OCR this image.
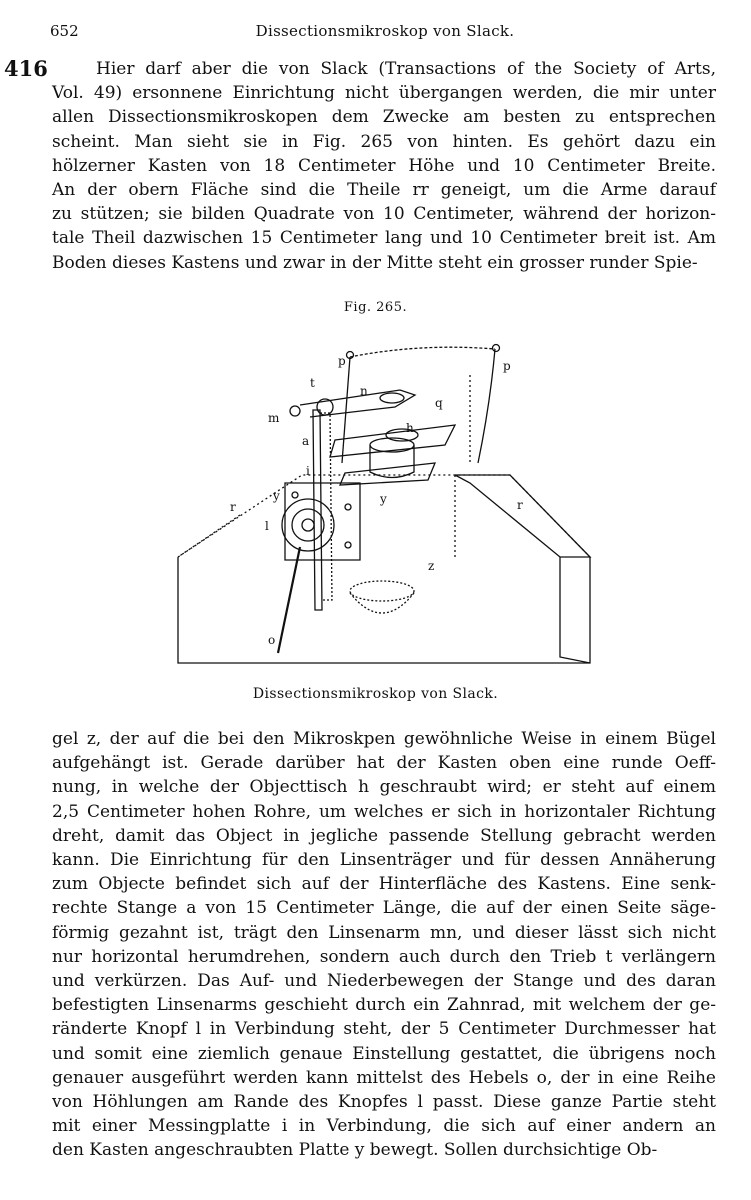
652	Dissectionsmikroskop von Slack.
416	Hier darf aber die von Slack (Transactions of the Society of Arts,
Vol. 49) ersonnene Einrichtung nicht übergangen werden, die mir unter
allen Dissectionsmikroskopen dem Zwecke am besten zu entsprechen
scheint. Man sieht sie in Fig. 265 von hinten. Es gehört dazu ein
hölzerner Kasten von 18 Centimeter Höhe und 10 Centimeter Breite.
An der obern Fläche sind die Theile rr geneigt, um die Arme darauf
zu stützen; sie bilden Quadrate von 10 Centimeter, während der horizon-
tale Theil dazwischen 15 Centimeter lang und 10 Centimeter breit ist. Am
Boden dieses Kastens und zwar in der Mitte steht ein grosser runder Spie-
Fig. 265.
p	p
t
m
n
q
h
a
i
y	y
r	r
l
z
o
Dissectionsmikroskop von Slack.
gel z, der auf die bei den Mikroskpen gewöhnliche Weise in einem Bügel
aufgehängt ist. Gerade darüber hat der Kasten oben eine runde Oeff-
nung, in welche der Objecttisch h geschraubt wird; er steht auf einem
2,5 Centimeter hohen Rohre, um welches er sich in horizontaler Richtung
dreht, damit das Object in jegliche passende Stellung gebracht werden
kann. Die Einrichtung für den Linsenträger und für dessen Annäherung
zum Objecte befindet sich auf der Hinterfläche des Kastens. Eine senk-
rechte Stange a von 15 Centimeter Länge, die auf der einen Seite säge-
förmig gezahnt ist, trägt den Linsenarm mn, und dieser lässt sich nicht
nur horizontal herumdrehen, sondern auch durch den Trieb t verlängern
und verkürzen. Das Auf- und Niederbewegen der Stange und des daran
befestigten Linsenarms geschieht durch ein Zahnrad, mit welchem der ge-
ränderte Knopf l in Verbindung steht, der 5 Centimeter Durchmesser hat
und somit eine ziemlich genaue Einstellung gestattet, die übrigens noch
genauer ausgeführt werden kann mittelst des Hebels o, der in eine Reihe
von Höhlungen am Rande des Knopfes l passt. Diese ganze Partie steht
mit einer Messingplatte i in Verbindung, die sich auf einer andern an
den Kasten angeschraubten Platte y bewegt. Sollen durchsichtige Ob-
